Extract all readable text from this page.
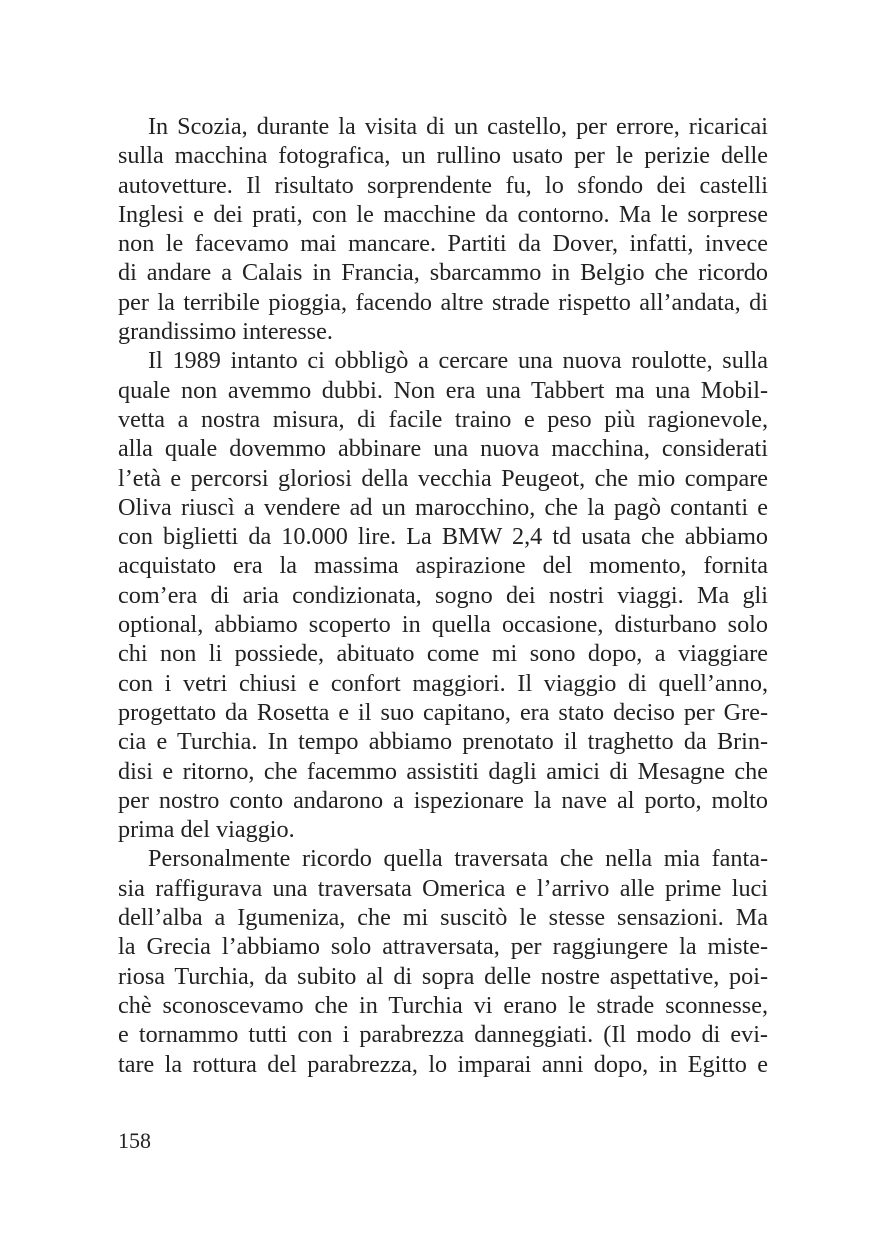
In Scozia, durante la visita di un castello, per errore, ricaricai
sulla macchina fotografica, un rullino usato per le perizie delle
autovetture. Il risultato sorprendente fu, lo sfondo dei castelli
Inglesi e dei prati, con le macchine da contorno. Ma le sorprese
non le facevamo mai mancare. Partiti da Dover, infatti, invece
di andare a Calais in Francia, sbarcammo in Belgio che ricordo
per la terribile pioggia, facendo altre strade rispetto all’andata, di
grandissimo interesse.
Il 1989 intanto ci obbligò a cercare una nuova roulotte, sulla
quale non avemmo dubbi. Non era una Tabbert ma una Mobil-
vetta a nostra misura, di facile traino e peso più ragionevole,
alla quale dovemmo abbinare una nuova macchina, considerati
l’età e percorsi gloriosi della vecchia Peugeot, che mio compare
Oliva riuscì a vendere ad un marocchino, che la pagò contanti e
con biglietti da 10.000 lire. La BMW 2,4 td usata che abbiamo
acquistato era la massima aspirazione del momento, fornita
com’era di aria condizionata, sogno dei nostri viaggi. Ma gli
optional, abbiamo scoperto in quella occasione, disturbano solo
chi non li possiede, abituato come mi sono dopo, a viaggiare
con i vetri chiusi e confort maggiori. Il viaggio di quell’anno,
progettato da Rosetta e il suo capitano, era stato deciso per Gre-
cia e Turchia. In tempo abbiamo prenotato il traghetto da Brin-
disi e ritorno, che facemmo assistiti dagli amici di Mesagne che
per nostro conto andarono a ispezionare la nave al porto, molto
prima del viaggio.
Personalmente ricordo quella traversata che nella mia fanta-
sia raffigurava una traversata Omerica e l’arrivo alle prime luci
dell’alba a Igumeniza, che mi suscitò le stesse sensazioni. Ma
la Grecia l’abbiamo solo attraversata, per raggiungere la miste-
riosa Turchia, da subito al di sopra delle nostre aspettative, poi-
chè sconoscevamo che in Turchia vi erano le strade sconnesse,
e tornammo tutti con i parabrezza danneggiati. (Il modo di evi-
tare la rottura del parabrezza, lo imparai anni dopo, in Egitto e
158
